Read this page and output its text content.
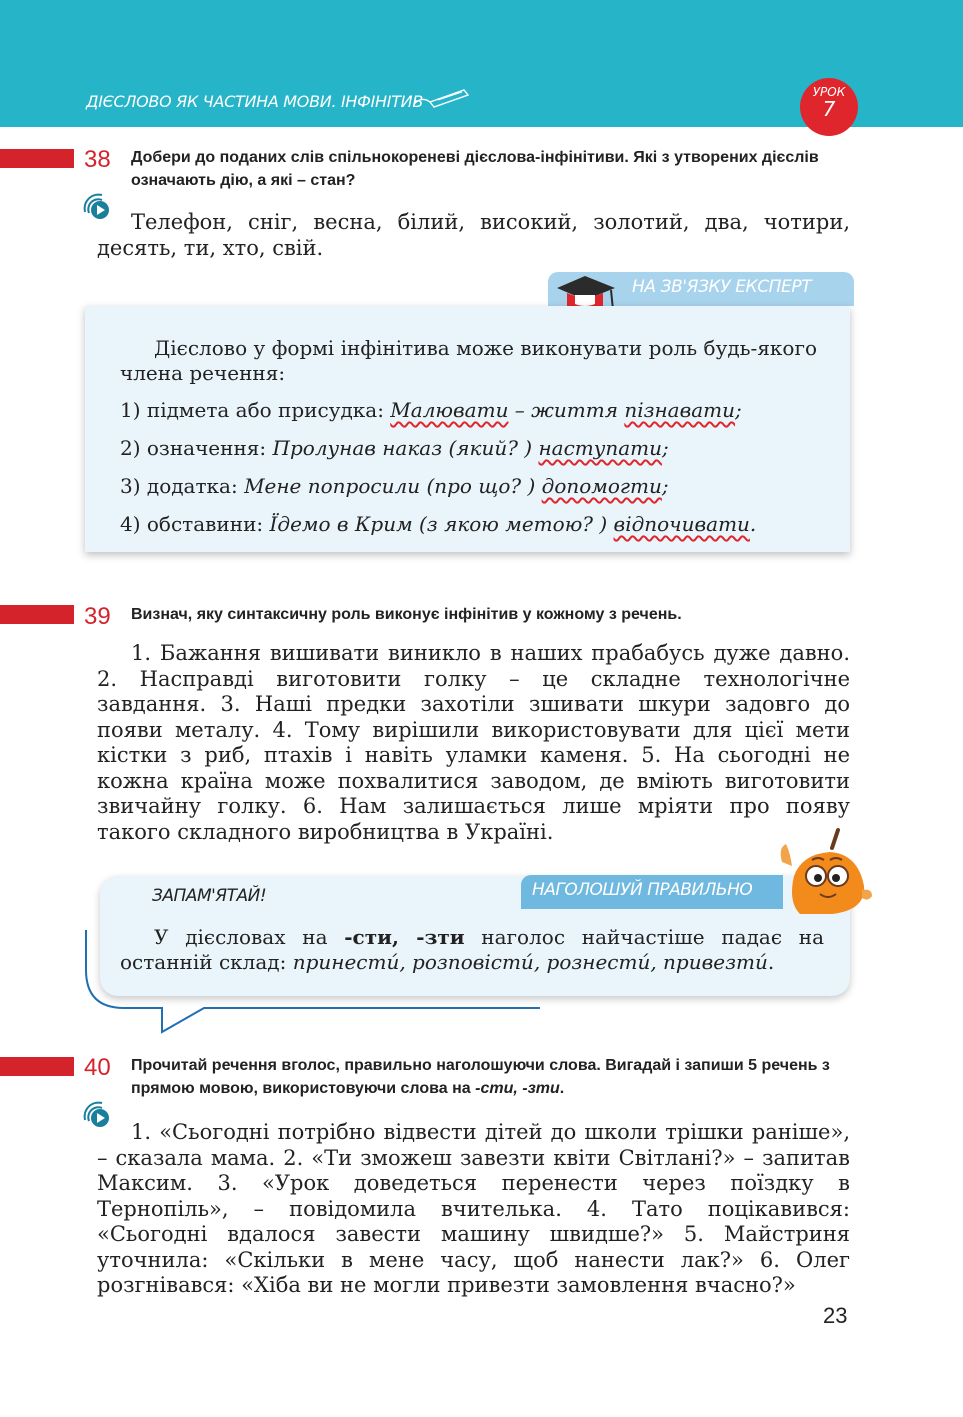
ДІЄСЛОВО ЯК ЧАСТИНА МОВИ. ІНФІНІТИВ	УРОК
7
38 Добери до поданих слів спільнокореневі дієслова-інфінітиви. Які з утворених дієслів означають дію, а які – стан?

Телефон, сніг, весна, білий, високий, золотий, два, чотири, десять, ти, хто, свій.

НА ЗВ'ЯЗКУ ЕКСПЕРТ
Дієслово у формі інфінітива може виконувати роль будь-якого члена речення:
1) підмета або присудка: Малювати – життя пізнавати;
2) означення: Пролунав наказ (який? ) наступати;
3) додатка: Мене попросили (про що? ) допомогти;
4) обставини: Їдемо в Крим (з якою метою? ) відпочивати.
39 Визнач, яку синтаксичну роль виконує інфінітив у кожному з речень.

1. Бажання вишивати виникло в наших прабабусь дуже давно. 2. Насправді виготовити голку – це складне технологічне завдання. 3. Наші предки захотіли зшивати шкури задовго до появи металу. 4. Тому вирішили використовувати для цієї мети кістки з риб, птахів і навіть уламки каменя. 5. На сьогодні не кожна країна може похвалитися заводом, де вміють виготовити звичайну голку. 6. Нам залишається лише мріяти про появу такого складного виробництва в Україні.

ЗАПАМ'ЯТАЙ!	НАГОЛОШУЙ ПРАВИЛЬНО

У дієсловах на -сти, -зти наголос найчастіше падає на останній склад: принести́, розповісти́, рознести́, привезти́.

40 Прочитай речення вголос, правильно наголошуючи слова. Вигадай і запиши 5 речень з прямою мовою, використовуючи слова на -сти, -зти.

1. «Сьогодні потрібно відвести дітей до школи трішки раніше», – сказала мама. 2. «Ти зможеш завезти квіти Світлані?» – запитав Максим. 3. «Урок доведеться перенести через поїздку в Тернопіль», – повідомила вчителька. 4. Тато поцікавився: «Сьогодні вдалося завести машину швидше?» 5. Майстриня уточнила: «Скільки в мене часу, щоб нанести лак?» 6. Олег розгнівався: «Хіба ви не могли привезти замовлення вчасно?»

23
